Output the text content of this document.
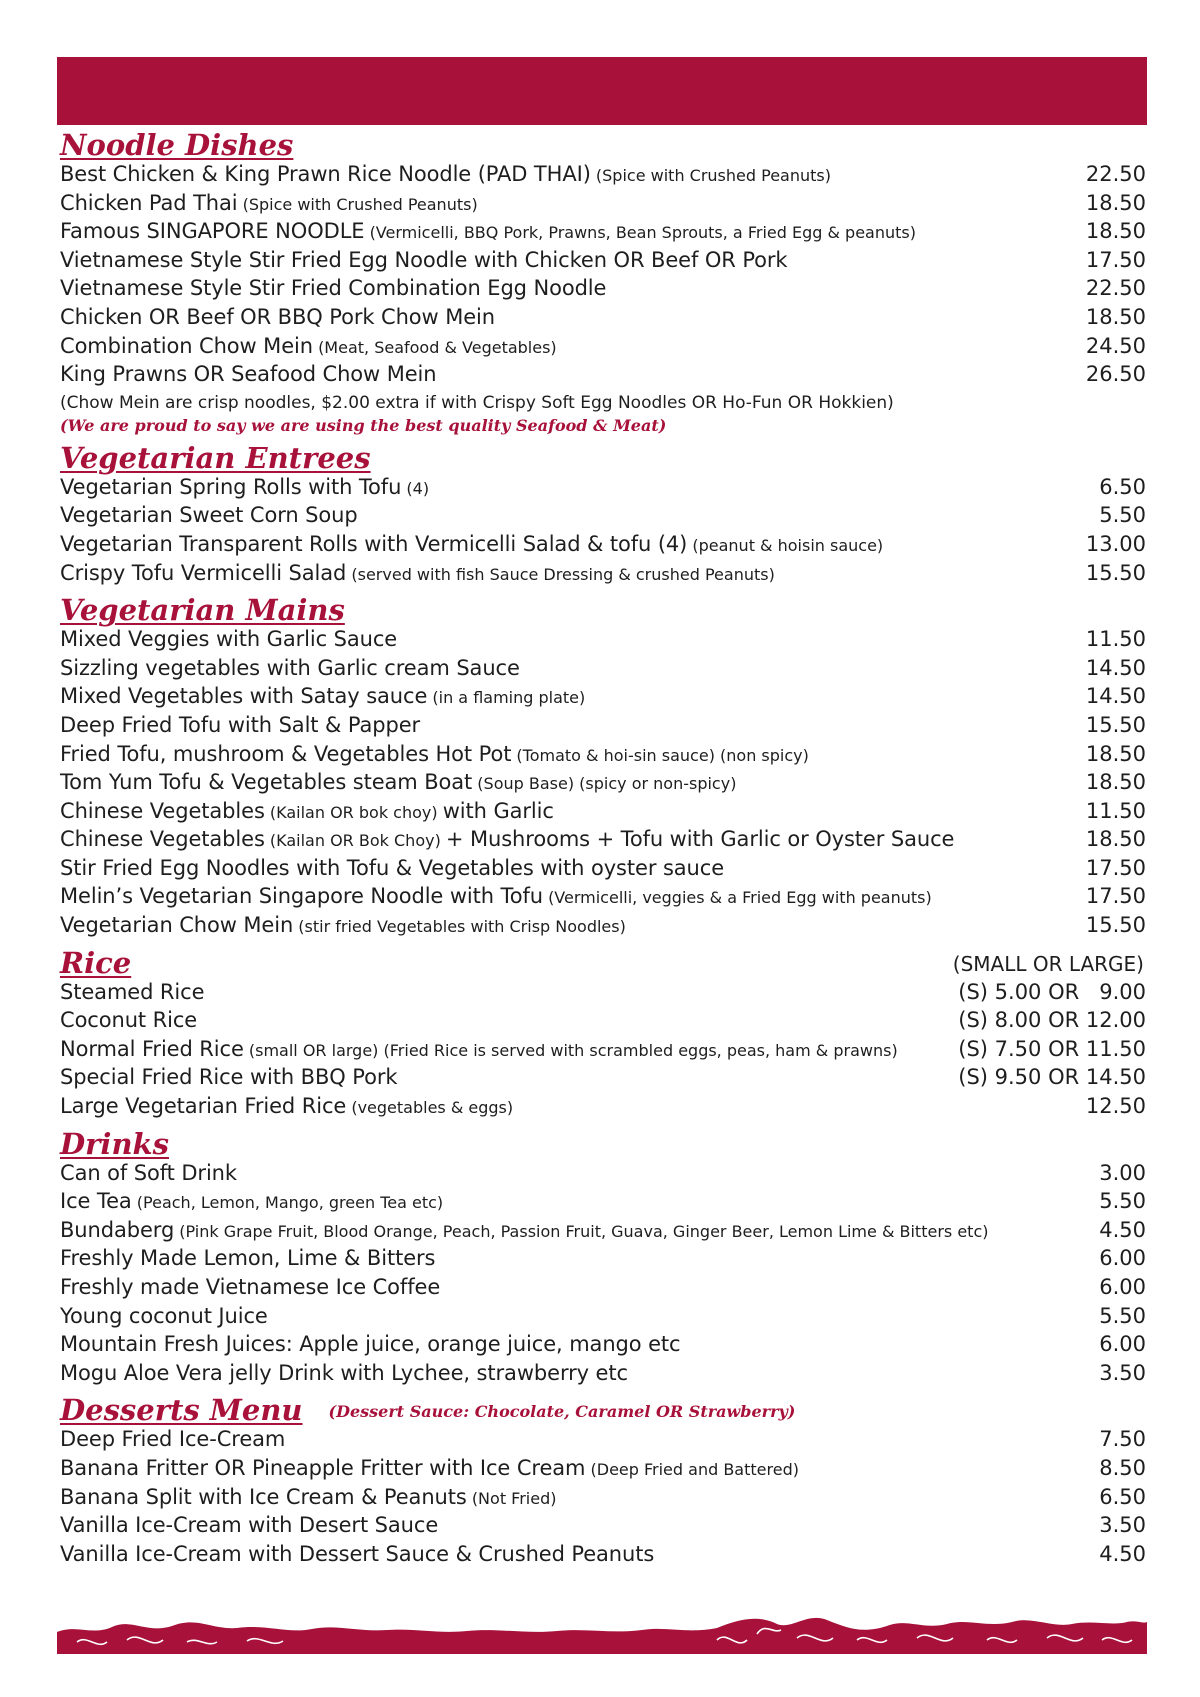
Noodle Dishes
Best Chicken & King Prawn Rice Noodle (PAD THAI) (Spice with Crushed Peanuts)	22.50
Chicken Pad Thai (Spice with Crushed Peanuts)	18.50
Famous SINGAPORE NOODLE (Vermicelli, BBQ Pork, Prawns, Bean Sprouts, a Fried Egg & peanuts)	18.50
Vietnamese Style Stir Fried Egg Noodle with Chicken OR Beef OR Pork	17.50
Vietnamese Style Stir Fried Combination Egg Noodle	22.50
Chicken OR Beef OR BBQ Pork Chow Mein	18.50
Combination Chow Mein (Meat, Seafood & Vegetables)	24.50
King Prawns OR Seafood Chow Mein	26.50
(Chow Mein are crisp noodles, $2.00 extra if with Crispy Soft Egg Noodles OR Ho-Fun OR Hokkien)
(We are proud to say we are using the best quality Seafood & Meat)
Vegetarian Entrees
Vegetarian Spring Rolls with Tofu (4)	6.50
Vegetarian Sweet Corn Soup	5.50
Vegetarian Transparent Rolls with Vermicelli Salad & tofu (4) (peanut & hoisin sauce)	13.00
Crispy Tofu Vermicelli Salad (served with fish Sauce Dressing & crushed Peanuts)	15.50
Vegetarian Mains
Mixed Veggies with Garlic Sauce	11.50
Sizzling vegetables with Garlic cream Sauce	14.50
Mixed Vegetables with Satay sauce (in a flaming plate)	14.50
Deep Fried Tofu with Salt & Papper	15.50
Fried Tofu, mushroom & Vegetables Hot Pot (Tomato & hoi-sin sauce) (non spicy)	18.50
Tom Yum Tofu & Vegetables steam Boat (Soup Base) (spicy or non-spicy)	18.50
Chinese Vegetables (Kailan OR bok choy) with Garlic	11.50
Chinese Vegetables (Kailan OR Bok Choy) + Mushrooms + Tofu with Garlic or Oyster Sauce	18.50
Stir Fried Egg Noodles with Tofu & Vegetables with oyster sauce	17.50
Melin’s Vegetarian Singapore Noodle with Tofu (Vermicelli, veggies & a Fried Egg with peanuts)	17.50
Vegetarian Chow Mein (stir fried Vegetables with Crisp Noodles)	15.50
Rice	(SMALL OR LARGE)
Steamed Rice	(S) 5.00 OR   9.00
Coconut Rice	(S) 8.00 OR 12.00
Normal Fried Rice (small OR large) (Fried Rice is served with scrambled eggs, peas, ham & prawns)	(S) 7.50 OR 11.50
Special Fried Rice with BBQ Pork	(S) 9.50 OR 14.50
Large Vegetarian Fried Rice (vegetables & eggs)	12.50
Drinks
Can of Soft Drink	3.00
Ice Tea (Peach, Lemon, Mango, green Tea etc)	5.50
Bundaberg (Pink Grape Fruit, Blood Orange, Peach, Passion Fruit, Guava, Ginger Beer, Lemon Lime & Bitters etc)	4.50
Freshly Made Lemon, Lime & Bitters	6.00
Freshly made Vietnamese Ice Coffee	6.00
Young coconut Juice	5.50
Mountain Fresh Juices: Apple juice, orange juice, mango etc	6.00
Mogu Aloe Vera jelly Drink with Lychee, strawberry etc	3.50
Desserts Menu (Dessert Sauce: Chocolate, Caramel OR Strawberry)
Deep Fried Ice-Cream	7.50
Banana Fritter OR Pineapple Fritter with Ice Cream (Deep Fried and Battered)	8.50
Banana Split with Ice Cream & Peanuts (Not Fried)	6.50
Vanilla Ice-Cream with Desert Sauce	3.50
Vanilla Ice-Cream with Dessert Sauce & Crushed Peanuts	4.50
